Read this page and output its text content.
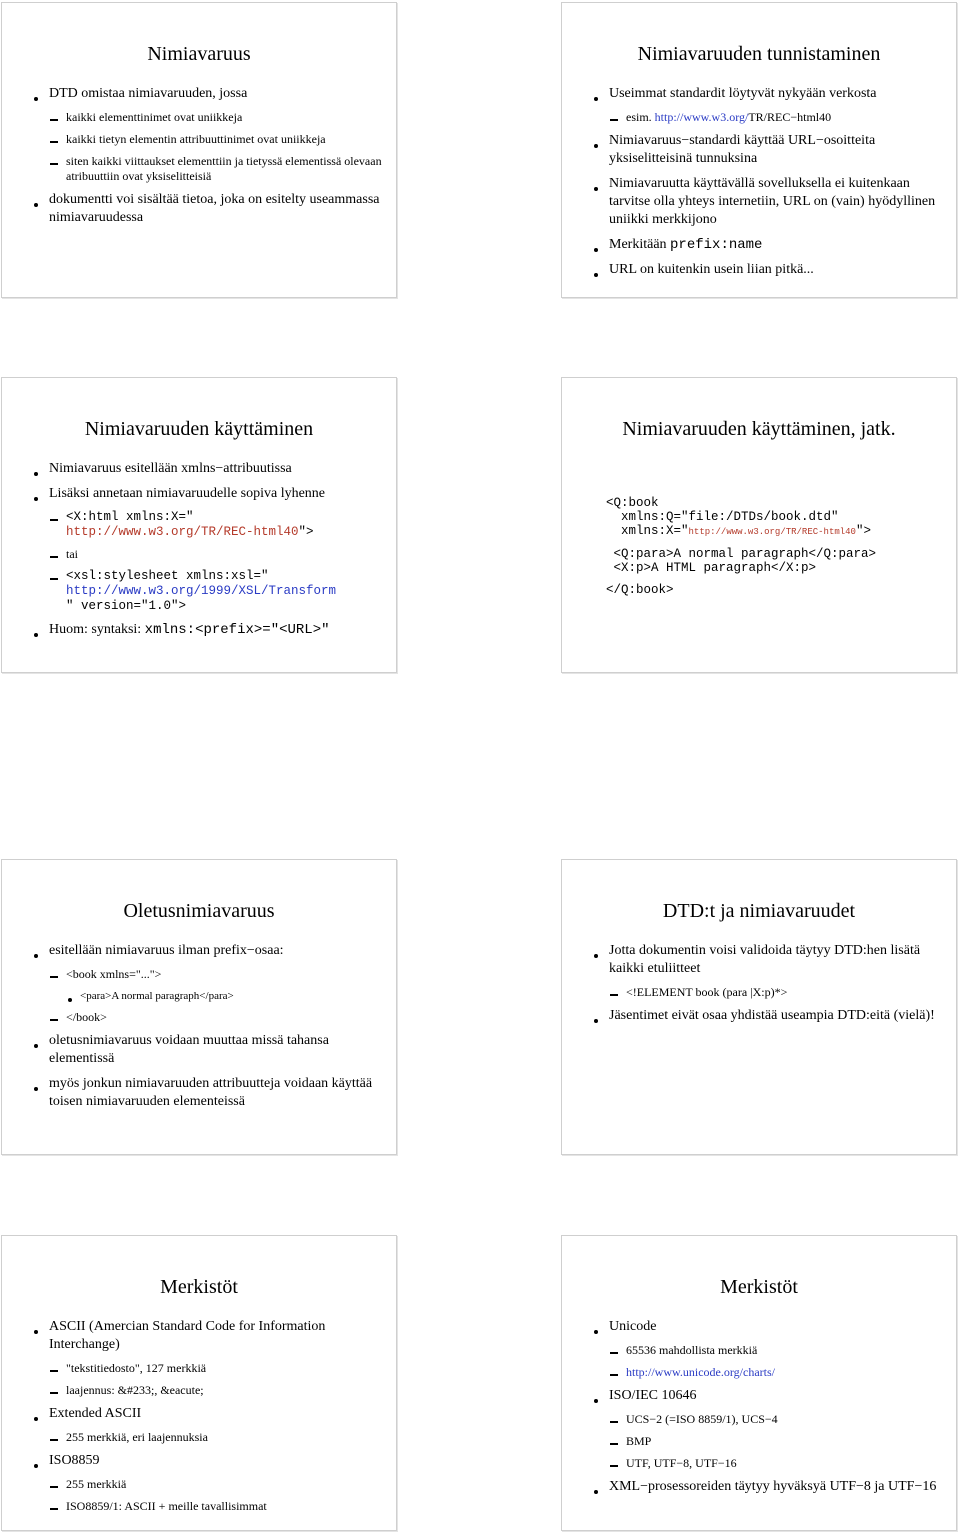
Nimiavaruus
DTD omistaa nimiavaruuden, jossa
kaikki elementtinimet ovat uniikkeja
kaikki tietyn elementin attribuuttinimet ovat uniikkeja
siten kaikki viittaukset elementtiin ja tietyssä elementissä olevaan atribuuttiin ovat yksiselitteisiä
dokumentti voi sisältää tietoa, joka on esitelty useammassa nimiavaruudessa
Nimiavaruuden tunnistaminen
Useimmat standardit löytyvät nykyään verkosta
esim. http://www.w3.org/TR/REC−html40
Nimiavaruus−standardi käyttää URL−osoitteita yksiselitteisinä tunnuksina
Nimiavaruutta käyttävällä sovelluksella ei kuitenkaan tarvitse olla yhteys internetiin, URL on (vain) hyödyllinen uniikki merkkijono
Merkitään prefix:name
URL on kuitenkin usein liian pitkä...
Nimiavaruuden käyttäminen
Nimiavaruus esitellään xmlns−attribuutissa
Lisäksi annetaan nimiavaruudelle sopiva lyhenne
<X:html xmlns:X="
http://www.w3.org/TR/REC-html40">
tai
<xsl:stylesheet xmlns:xsl="
http://www.w3.org/1999/XSL/Transform
" version="1.0">
Huom: syntaksi: xmlns:<prefix>="<URL>"
Nimiavaruuden käyttäminen, jatk.
<Q:book
xmlns:Q="file:/DTDs/book.dtd"
xmlns:X="http://www.w3.org/TR/REC-html40">
<Q:para>A normal paragraph</Q:para>
<X:p>A HTML paragraph</X:p>
</Q:book>
Oletusnimiavaruus
esitellään nimiavaruus ilman prefix−osaa:
<book xmlns="...">
<para>A normal paragraph</para>
</book>
oletusnimiavaruus voidaan muuttaa missä tahansa elementissä
myös jonkun nimiavaruuden attribuutteja voidaan käyttää toisen nimiavaruuden elementeissä
DTD:t ja nimiavaruudet
Jotta dokumentin voisi validoida täytyy DTD:hen lisätä kaikki etuliitteet
<!ELEMENT book (para |X:p)*>
Jäsentimet eivät osaa yhdistää useampia DTD:eitä (vielä)!
Merkistöt
ASCII (Amercian Standard Code for Information Interchange)
"tekstitiedosto", 127 merkkiä
laajennus: &#233;, &eacute;
Extended ASCII
255 merkkiä, eri laajennuksia
ISO8859
255 merkkiä
ISO8859/1: ASCII + meille tavallisimmat
Merkistöt
Unicode
65536 mahdollista merkkiä
http://www.unicode.org/charts/
ISO/IEC 10646
UCS−2 (=ISO 8859/1), UCS−4
BMP
UTF, UTF−8, UTF−16
XML−prosessoreiden täytyy hyväksyä UTF−8 ja UTF−16
